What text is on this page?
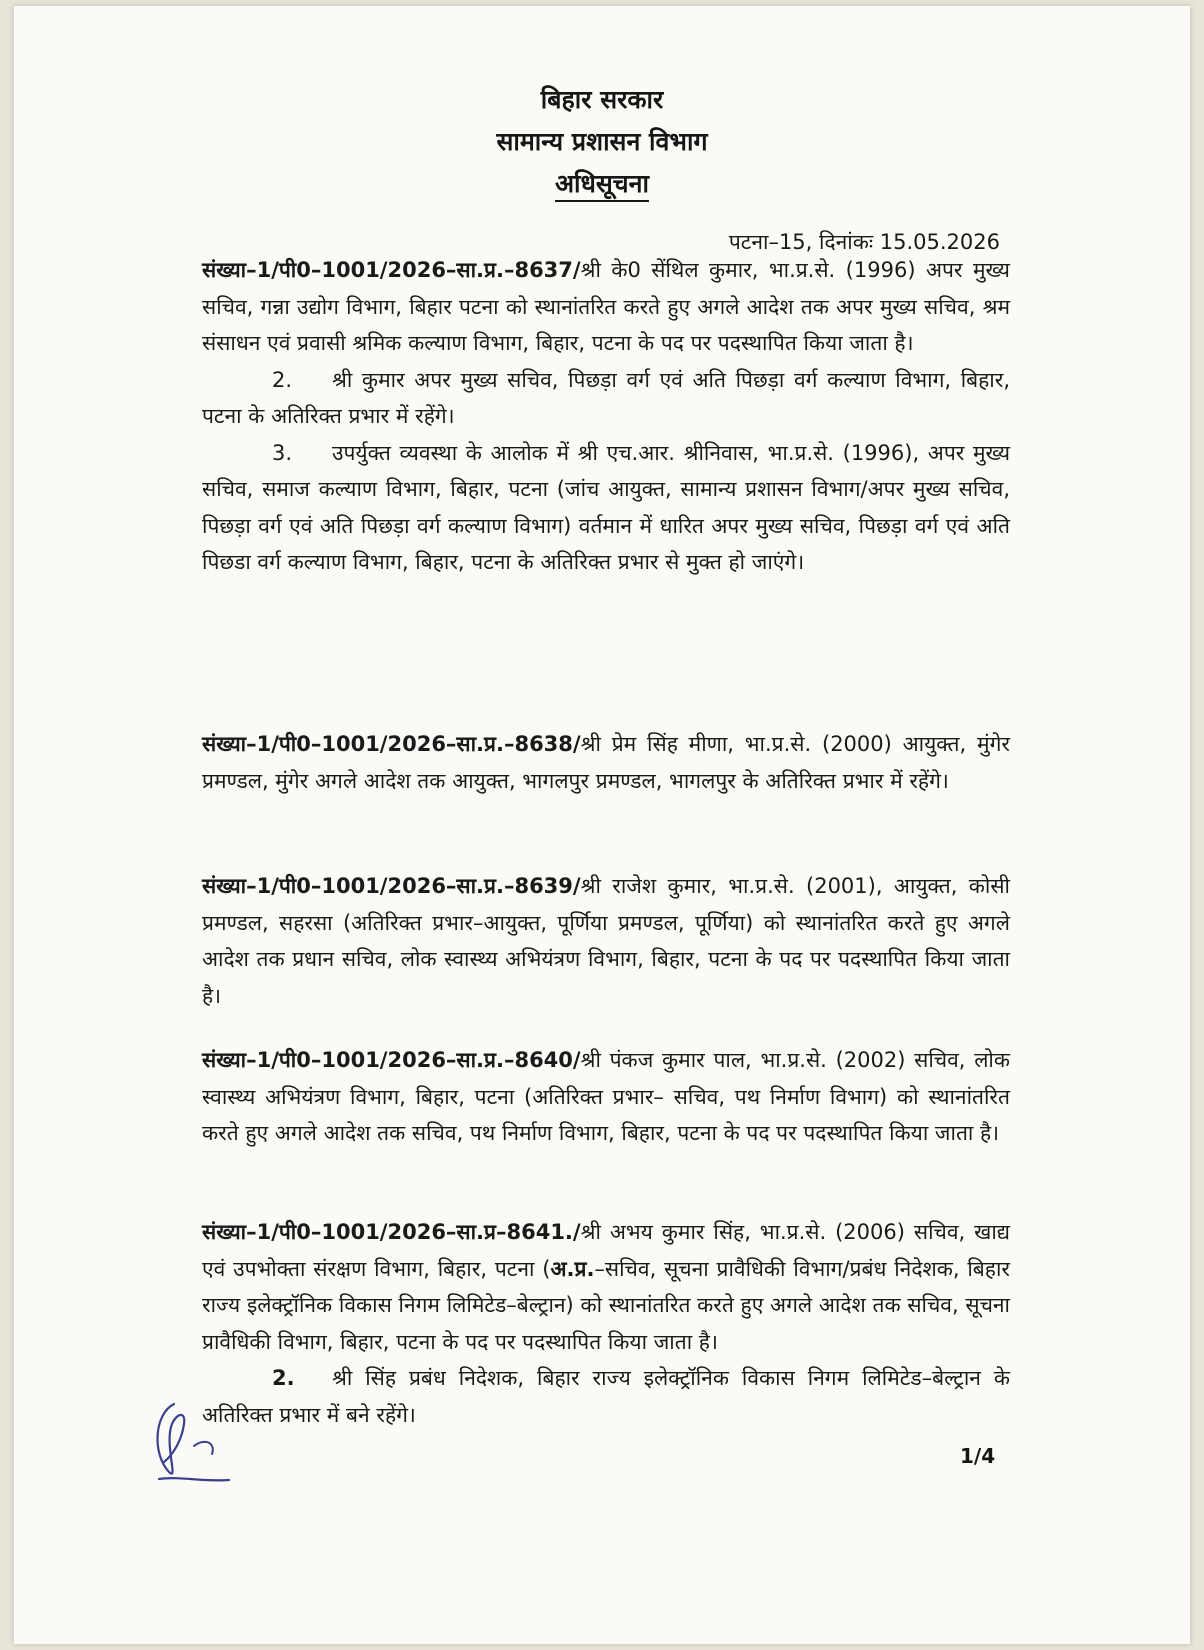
बिहार सरकार
सामान्य प्रशासन विभाग
अधिसूचना
पटना–15, दिनांकः 15.05.2026
संख्या–1/पी0–1001/2026–सा.प्र.–8637/श्री के0 सेंथिल कुमार, भा.प्र.से. (1996) अपर मुख्य सचिव, गन्ना उद्योग विभाग, बिहार पटना को स्थानांतरित करते हुए अगले आदेश तक अपर मुख्य सचिव, श्रम संसाधन एवं प्रवासी श्रमिक कल्याण विभाग, बिहार, पटना के पद पर पदस्थापित किया जाता है।
2. श्री कुमार अपर मुख्य सचिव, पिछड़ा वर्ग एवं अति पिछड़ा वर्ग कल्याण विभाग, बिहार, पटना के अतिरिक्त प्रभार में रहेंगे।
3. उपर्युक्त व्यवस्था के आलोक में श्री एच.आर. श्रीनिवास, भा.प्र.से. (1996), अपर मुख्य सचिव, समाज कल्याण विभाग, बिहार, पटना (जांच आयुक्त, सामान्य प्रशासन विभाग/अपर मुख्य सचिव, पिछड़ा वर्ग एवं अति पिछड़ा वर्ग कल्याण विभाग) वर्तमान में धारित अपर मुख्य सचिव, पिछड़ा वर्ग एवं अति पिछडा वर्ग कल्याण विभाग, बिहार, पटना के अतिरिक्त प्रभार से मुक्त हो जाएंगे।
संख्या–1/पी0–1001/2026–सा.प्र.–8638/श्री प्रेम सिंह मीणा, भा.प्र.से. (2000) आयुक्त, मुंगेर प्रमण्डल, मुंगेर अगले आदेश तक आयुक्त, भागलपुर प्रमण्डल, भागलपुर के अतिरिक्त प्रभार में रहेंगे।
संख्या–1/पी0–1001/2026–सा.प्र.–8639/श्री राजेश कुमार, भा.प्र.से. (2001), आयुक्त, कोसी प्रमण्डल, सहरसा (अतिरिक्त प्रभार–आयुक्त, पूर्णिया प्रमण्डल, पूर्णिया) को स्थानांतरित करते हुए अगले आदेश तक प्रधान सचिव, लोक स्वास्थ्य अभियंत्रण विभाग, बिहार, पटना के पद पर पदस्थापित किया जाता है।
संख्या–1/पी0–1001/2026–सा.प्र.–8640/श्री पंकज कुमार पाल, भा.प्र.से. (2002) सचिव, लोक स्वास्थ्य अभियंत्रण विभाग, बिहार, पटना (अतिरिक्त प्रभार– सचिव, पथ निर्माण विभाग) को स्थानांतरित करते हुए अगले आदेश तक सचिव, पथ निर्माण विभाग, बिहार, पटना के पद पर पदस्थापित किया जाता है।
संख्या–1/पी0–1001/2026–सा.प्र–8641./श्री अभय कुमार सिंह, भा.प्र.से. (2006) सचिव, खाद्य एवं उपभोक्ता संरक्षण विभाग, बिहार, पटना (अ.प्र.–सचिव, सूचना प्रावैधिकी विभाग/प्रबंध निदेशक, बिहार राज्य इलेक्ट्रॉनिक विकास निगम लिमिटेड–बेल्ट्रान) को स्थानांतरित करते हुए अगले आदेश तक सचिव, सूचना प्रावैधिकी विभाग, बिहार, पटना के पद पर पदस्थापित किया जाता है।
2. श्री सिंह प्रबंध निदेशक, बिहार राज्य इलेक्ट्रॉनिक विकास निगम लिमिटेड–बेल्ट्रान के अतिरिक्त प्रभार में बने रहेंगे।
1/4
